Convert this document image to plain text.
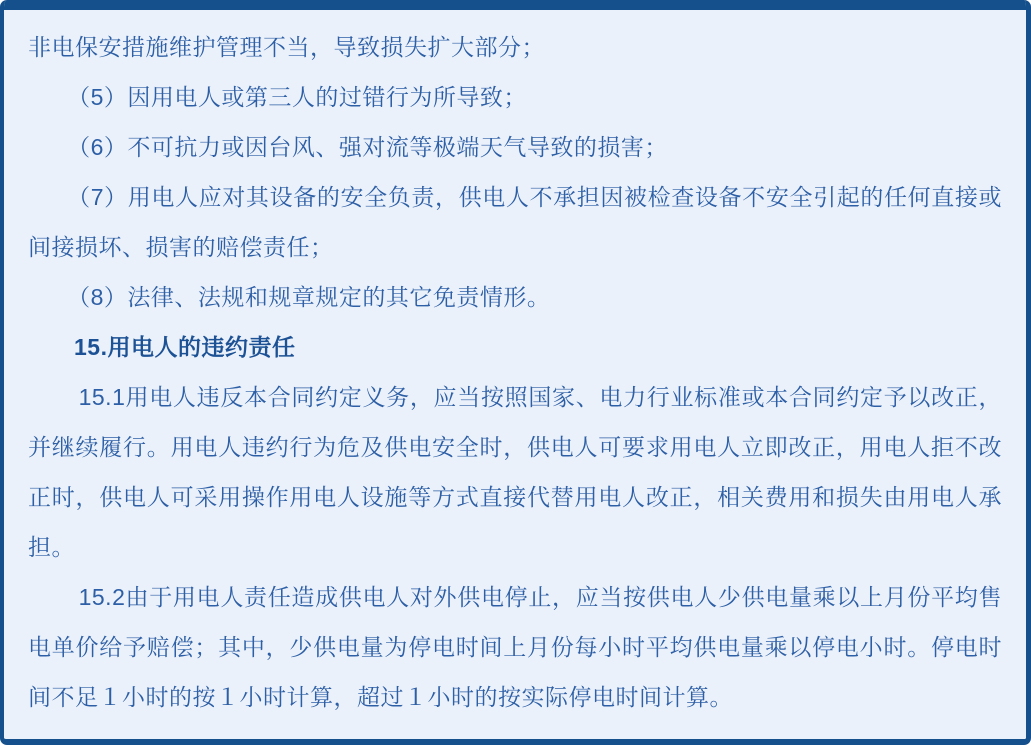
非电保安措施维护管理不当，导致损失扩大部分；

（5）因用电人或第三人的过错行为所导致；

（6）不可抗力或因台风、强对流等极端天气导致的损害；

（7）用电人应对其设备的安全负责，供电人不承担因被检查设备不安全引起的任何直接或间接损坏、损害的赔偿责任；

（8）法律、法规和规章规定的其它免责情形。

15.用电人的违约责任

15.1用电人违反本合同约定义务，应当按照国家、电力行业标准或本合同约定予以改正，并继续履行。用电人违约行为危及供电安全时，供电人可要求用电人立即改正，用电人拒不改正时，供电人可采用操作用电人设施等方式直接代替用电人改正，相关费用和损失由用电人承担。

15.2由于用电人责任造成供电人对外供电停止，应当按供电人少供电量乘以上月份平均售电单价给予赔偿；其中，少供电量为停电时间上月份每小时平均供电量乘以停电小时。停电时间不足１小时的按１小时计算，超过１小时的按实际停电时间计算。
